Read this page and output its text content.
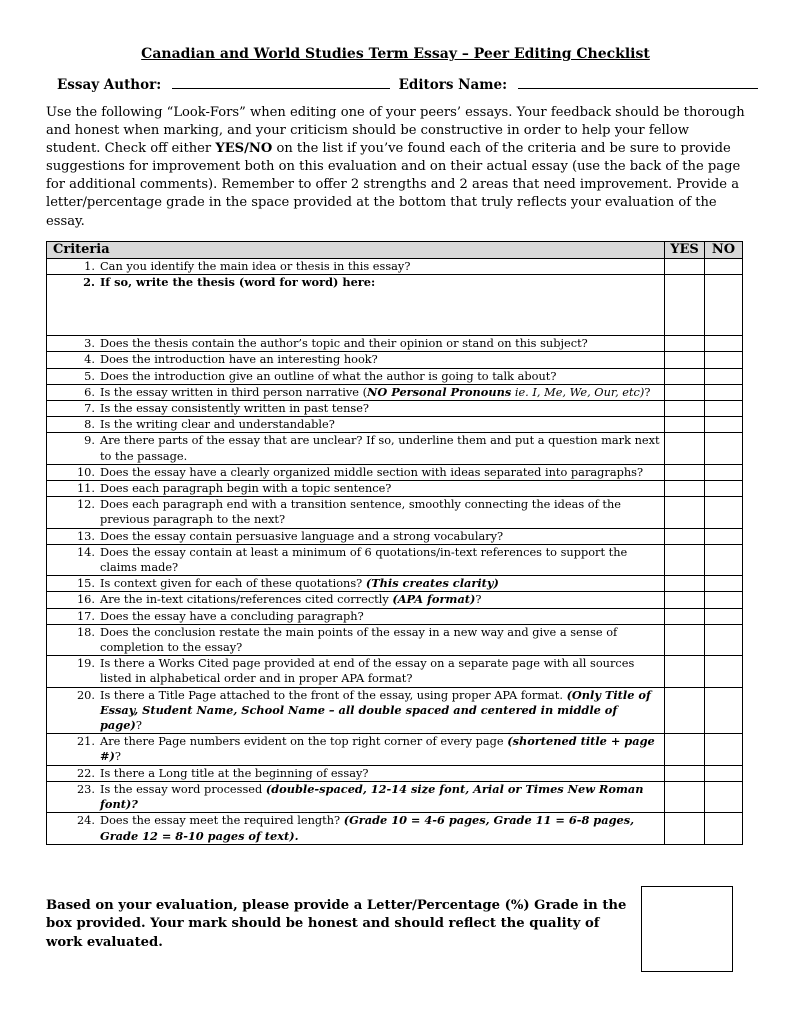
Canadian and World Studies Term Essay – Peer Editing Checklist
Essay Author:	Editors Name:
Use the following “Look-Fors” when editing one of your peers’ essays. Your feedback should be thorough and honest when marking, and your criticism should be constructive in order to help your fellow student. Check off either YES/NO on the list if you’ve found each of the criteria and be sure to provide suggestions for improvement both on this evaluation and on their actual essay (use the back of the page for additional comments). Remember to offer 2 strengths and 2 areas that need improvement. Provide a letter/percentage grade in the space provided at the bottom that truly reflects your evaluation of the essay.
Criteria	YES	NO

1. Can you identify the main idea or thesis in this essay?		

2. If so, write the thesis (word for word) here:		

3. Does the thesis contain the author’s topic and their opinion or stand on this subject?		

4. Does the introduction have an interesting hook?		

5. Does the introduction give an outline of what the author is going to talk about?		

6. Is the essay written in third person narrative (NO Personal Pronouns ie. I, Me, We, Our, etc)?		

7. Is the essay consistently written in past tense?		

8. Is the writing clear and understandable?		

9. Are there parts of the essay that are unclear? If so, underline them and put a question mark next to the passage.		

10. Does the essay have a clearly organized middle section with ideas separated into paragraphs?		

11. Does each paragraph begin with a topic sentence?		

12. Does each paragraph end with a transition sentence, smoothly connecting the ideas of the previous paragraph to the next?		

13. Does the essay contain persuasive language and a strong vocabulary?		

14. Does the essay contain at least a minimum of 6 quotations/in-text references to support the claims made?		

15. Is context given for each of these quotations? (This creates clarity)		

16. Are the in-text citations/references cited correctly (APA format)?		

17. Does the essay have a concluding paragraph?		

18. Does the conclusion restate the main points of the essay in a new way and give a sense of completion to the essay?		

19. Is there a Works Cited page provided at end of the essay on a separate page with all sources listed in alphabetical order and in proper APA format?		

20. Is there a Title Page attached to the front of the essay, using proper APA format. (Only Title of Essay, Student Name, School Name – all double spaced and centered in middle of page)?		

21. Are there Page numbers evident on the top right corner of every page (shortened title + page #)?		

22. Is there a Long title at the beginning of essay?		

23. Is the essay word processed (double-spaced, 12-14 size font, Arial or Times New Roman font)?		

24. Does the essay meet the required length? (Grade 10 = 4-6 pages, Grade 11 = 6-8 pages, Grade 12 = 8-10 pages of text).		

Based on your evaluation, please provide a Letter/Percentage (%) Grade in the box provided. Your mark should be honest and should reflect the quality of work evaluated.
